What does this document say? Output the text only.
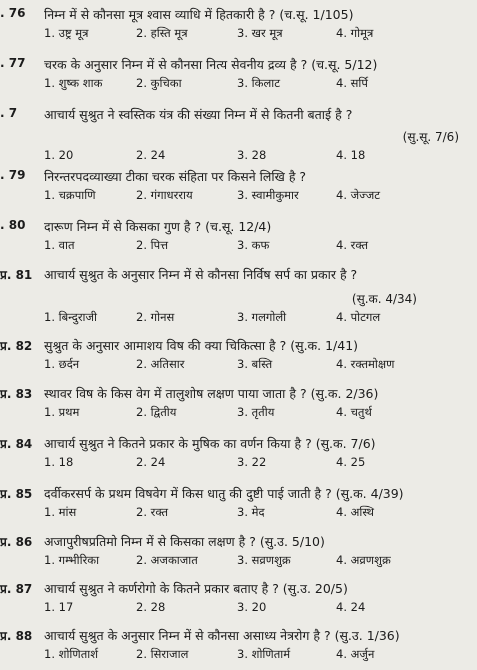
. 76 निम्न में से कौनसा मूत्र श्वास व्याधि में हितकारी है ? (च.सू. 1/105)
1. उष्ट्र मूत्र	2. हस्ति मूत्र	3. खर मूत्र	4. गोमूत्र
. 77 चरक के अनुसार निम्न में से कौनसा नित्य सेवनीय द्रव्य है ? (च.सू. 5/12)
1. शुष्क शाक	2. कुचिका	3. किलाट	4. सर्पि
. 7 आचार्य सुश्रुत ने स्वस्तिक यंत्र की संख्या निम्न में से कितनी बताई है ?
(सु.सू. 7/6)
1. 20	2. 24	3. 28	4. 18
. 79 निरन्तरपदव्याख्या टीका चरक संहिता पर किसने लिखि है ?
1. चक्रपाणि	2. गंगाधरराय	3. स्वामीकुमार	4. जेज्जट
. 80 दारूण निम्न में से किसका गुण है ? (च.सू. 12/4)
1. वात	2. पित्त	3. कफ	4. रक्त
प्र. 81 आचार्य सुश्रुत के अनुसार निम्न में से कौनसा निर्विष सर्प का प्रकार है ?
(सु.क. 4/34)
1. बिन्दुराजी	2. गोनस	3. गलगोली	4. पोटगल
प्र. 82 सुश्रुत के अनुसार आमाशय विष की क्या चिकित्सा है ? (सु.क. 1/41)
1. छर्दन	2. अतिसार	3. बस्ति	4. रक्तमोक्षण
प्र. 83 स्थावर विष के किस वेग में तालुशोष लक्षण पाया जाता है ? (सु.क. 2/36)
1. प्रथम	2. द्वितीय	3. तृतीय	4. चतुर्थ
प्र. 84 आचार्य सुश्रुत ने कितने प्रकार के मुषिक का वर्णन किया है ? (सु.क. 7/6)
1. 18	2. 24	3. 22	4. 25
प्र. 85 दर्वीकरसर्प के प्रथम विषवेग में किस धातु की दुष्टी पाई जाती है ? (सु.क. 4/39)
1. मांस	2. रक्त	3. मेद	4. अस्थि
प्र. 86 अजापुरीषप्रतिमो निम्न में से किसका लक्षण है ? (सु.उ. 5/10)
1. गम्भीरिका	2. अजकाजात	3. सव्रणशुक्र	4. अव्रणशुक्र
प्र. 87 आचार्य सुश्रुत ने कर्णरोगो के कितने प्रकार बताए है ? (सु.उ. 20/5)
1. 17	2. 28	3. 20	4. 24
प्र. 88 आचार्य सुश्रुत के अनुसार निम्न में से कौनसा असाध्य नेत्ररोग है ? (सु.उ. 1/36)
1. शोणितार्श	2. सिराजाल	3. शोणितार्म	4. अर्जुन
